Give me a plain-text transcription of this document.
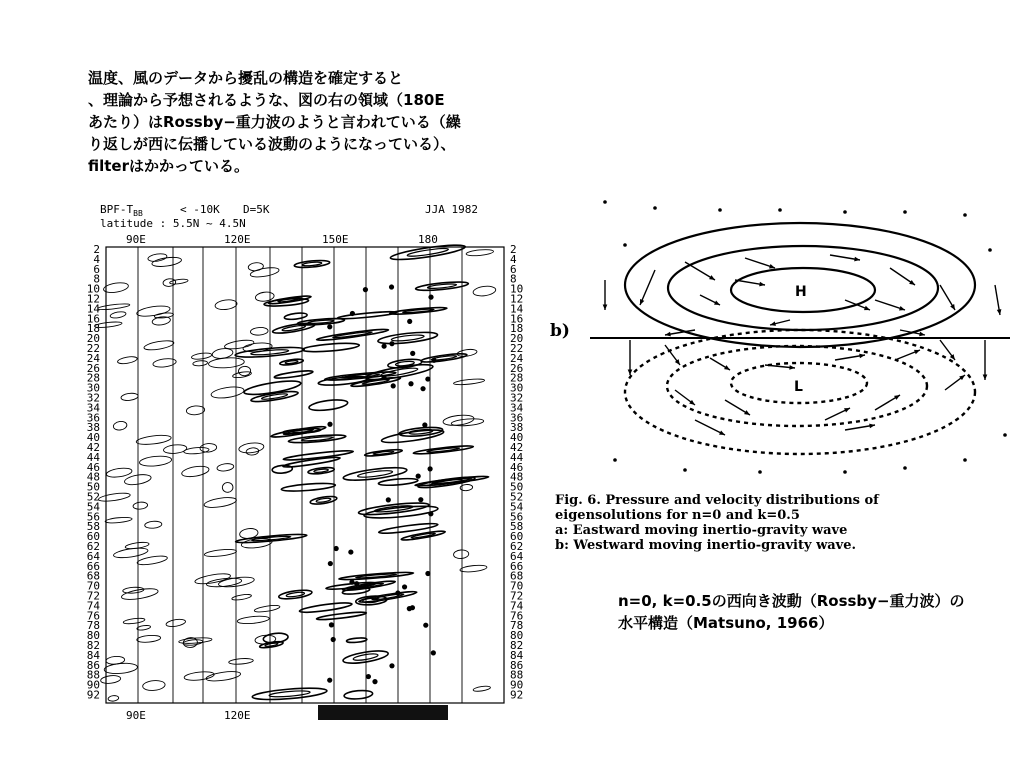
温度、風のデータから擾乱の構造を確定すると
、理論から予想されるような、図の右の領域（180E
あたり）はRossby−重力波のようと言われている（繰
り返しが西に伝播している波動のようになっている）、
filterはかかっている。
BPF-$T_{BB}$	< -10K D=5K	JJA 1982
latitude : 5.5N ~ 4.5N
90E	120E	150E	180
2
4
6
8
10
12
14
16
18
20
22
24
26
28
30
32
34
36
38
40
42
44
46
48
50
52
54
56
58
60
62
64
66
68
70
72
74
76
78
80
82
84
86
88
90
92
2
4
6
8
10
12
14
16
18
20
22
24
26
28
30
32
34
36
38
40
42
44
46
48
50
52
54
56
58
60
62
64
66
68
70
72
74
76
78
80
82
84
86
88
90
92
90E	120E
b)
H
L
Fig. 6. Pressure and velocity distributions of
eigensolutions for n=0 and k=0.5
a: Eastward moving inertio-gravity wave
b: Westward moving inertio-gravity wave.
n=0, k=0.5の西向き波動（Rossby−重力波）の
水平構造（Matsuno, 1966）
